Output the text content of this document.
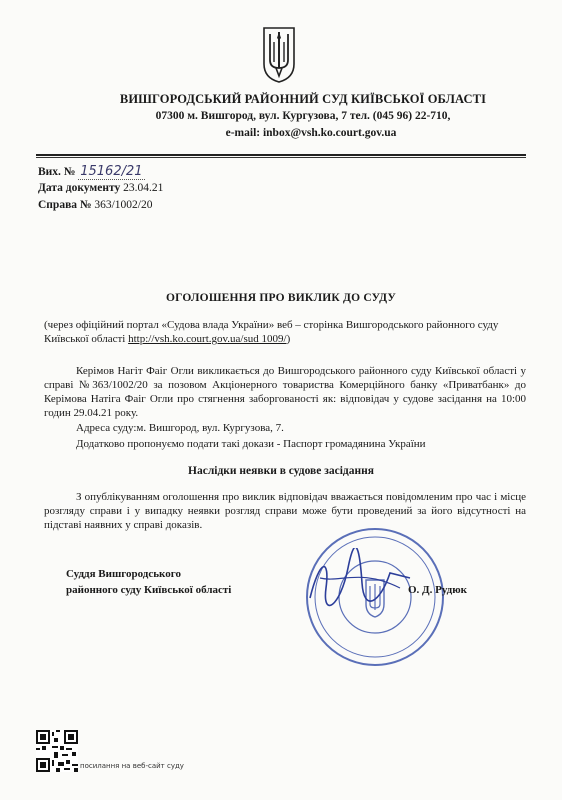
ВИШГОРОДСЬКИЙ РАЙОННИЙ СУД КИЇВСЬКОЇ ОБЛАСТІ
07300 м. Вишгород, вул. Кургузова, 7 тел. (045 96) 22-710,
e-mail: inbox@vsh.ko.court.gov.ua
Вих. № 15162/21
Дата документу 23.04.21
Справа № 363/1002/20
ОГОЛОШЕННЯ ПРО ВИКЛИК ДО СУДУ
(через офіційний портал «Судова влада України» веб – сторінка Вишгородського районного суду Київської області http://vsh.ko.court.gov.ua/sud 1009/)
Керімов Нагіт Фаіг Огли викликається до Вишгородського районного суду Київської області у справі №363/1002/20 за позовом Акціонерного товариства Комерційного банку «Приватбанк» до Керімова Натіга Фаіг Огли про стягнення заборгованості як: відповідач у судове засідання на 10:00 годин 29.04.21 року.
Адреса суду:м. Вишгород, вул. Кургузова, 7.
Додатково пропонуємо подати такі докази - Паспорт громадянина України
Наслідки неявки в судове засідання
З опублікуванням оголошення про виклик відповідач вважається повідомленим про час і місце розгляду справи і у випадку неявки розгляд справи може бути проведений за його відсутності на підставі наявних у справі доказів.
Суддя Вишгородського
районного суду Київської області	О. Д. Рудюк
посилання на веб-сайт суду
